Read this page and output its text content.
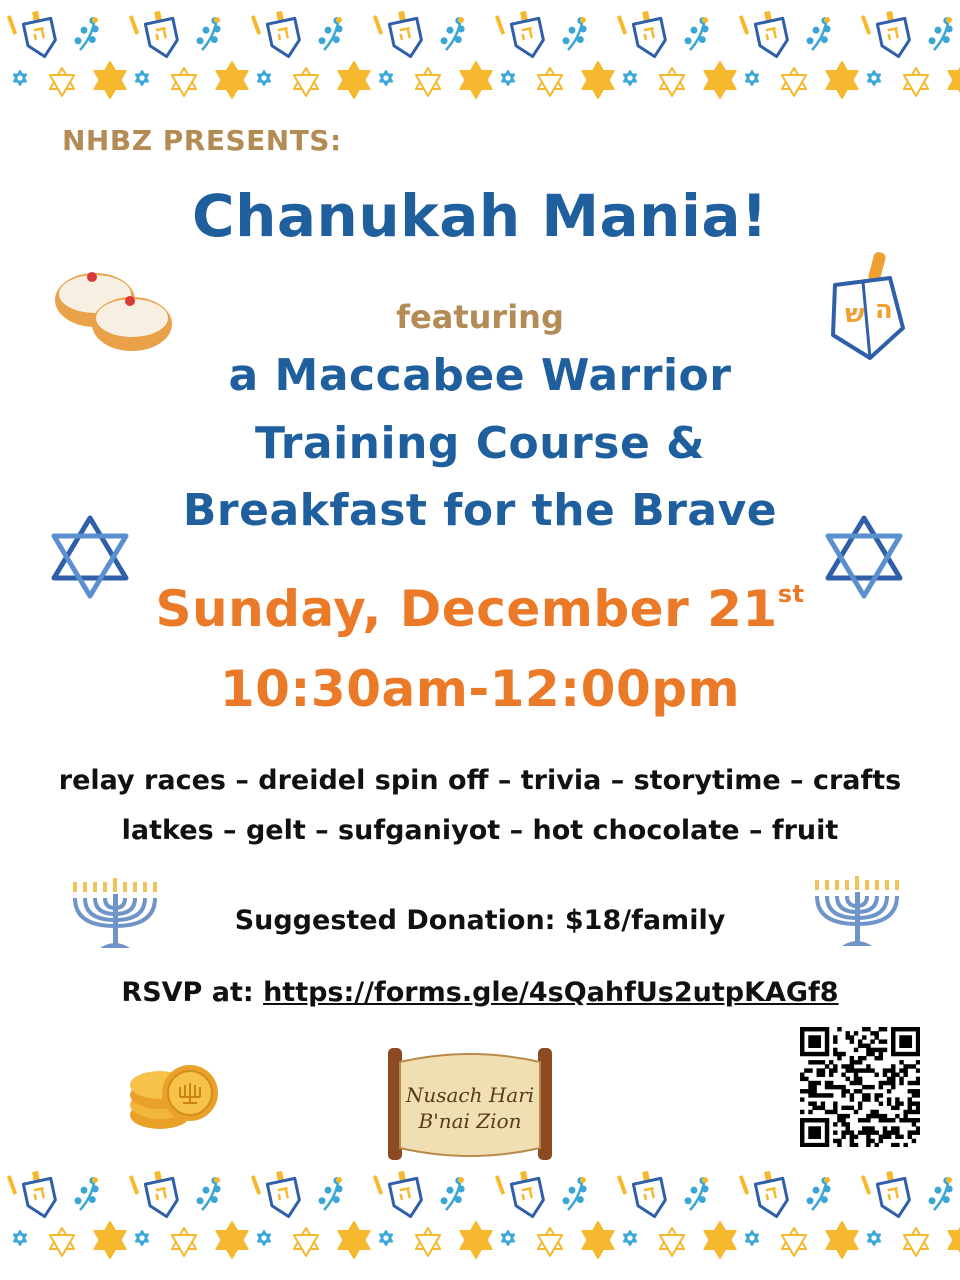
NHBZ PRESENTS:
Chanukah Mania!
ש ה
featuring
a Maccabee Warrior
Training Course &
Breakfast for the Brave
Sunday, December 21st
10:30am-12:00pm
relay races – dreidel spin off – trivia – storytime – crafts
latkes – gelt – sufganiyot – hot chocolate – fruit
Suggested Donation: $18/family
RSVP at: https://forms.gle/4sQahfUs2utpKAGf8
Nusach Hari
B'nai Zion
